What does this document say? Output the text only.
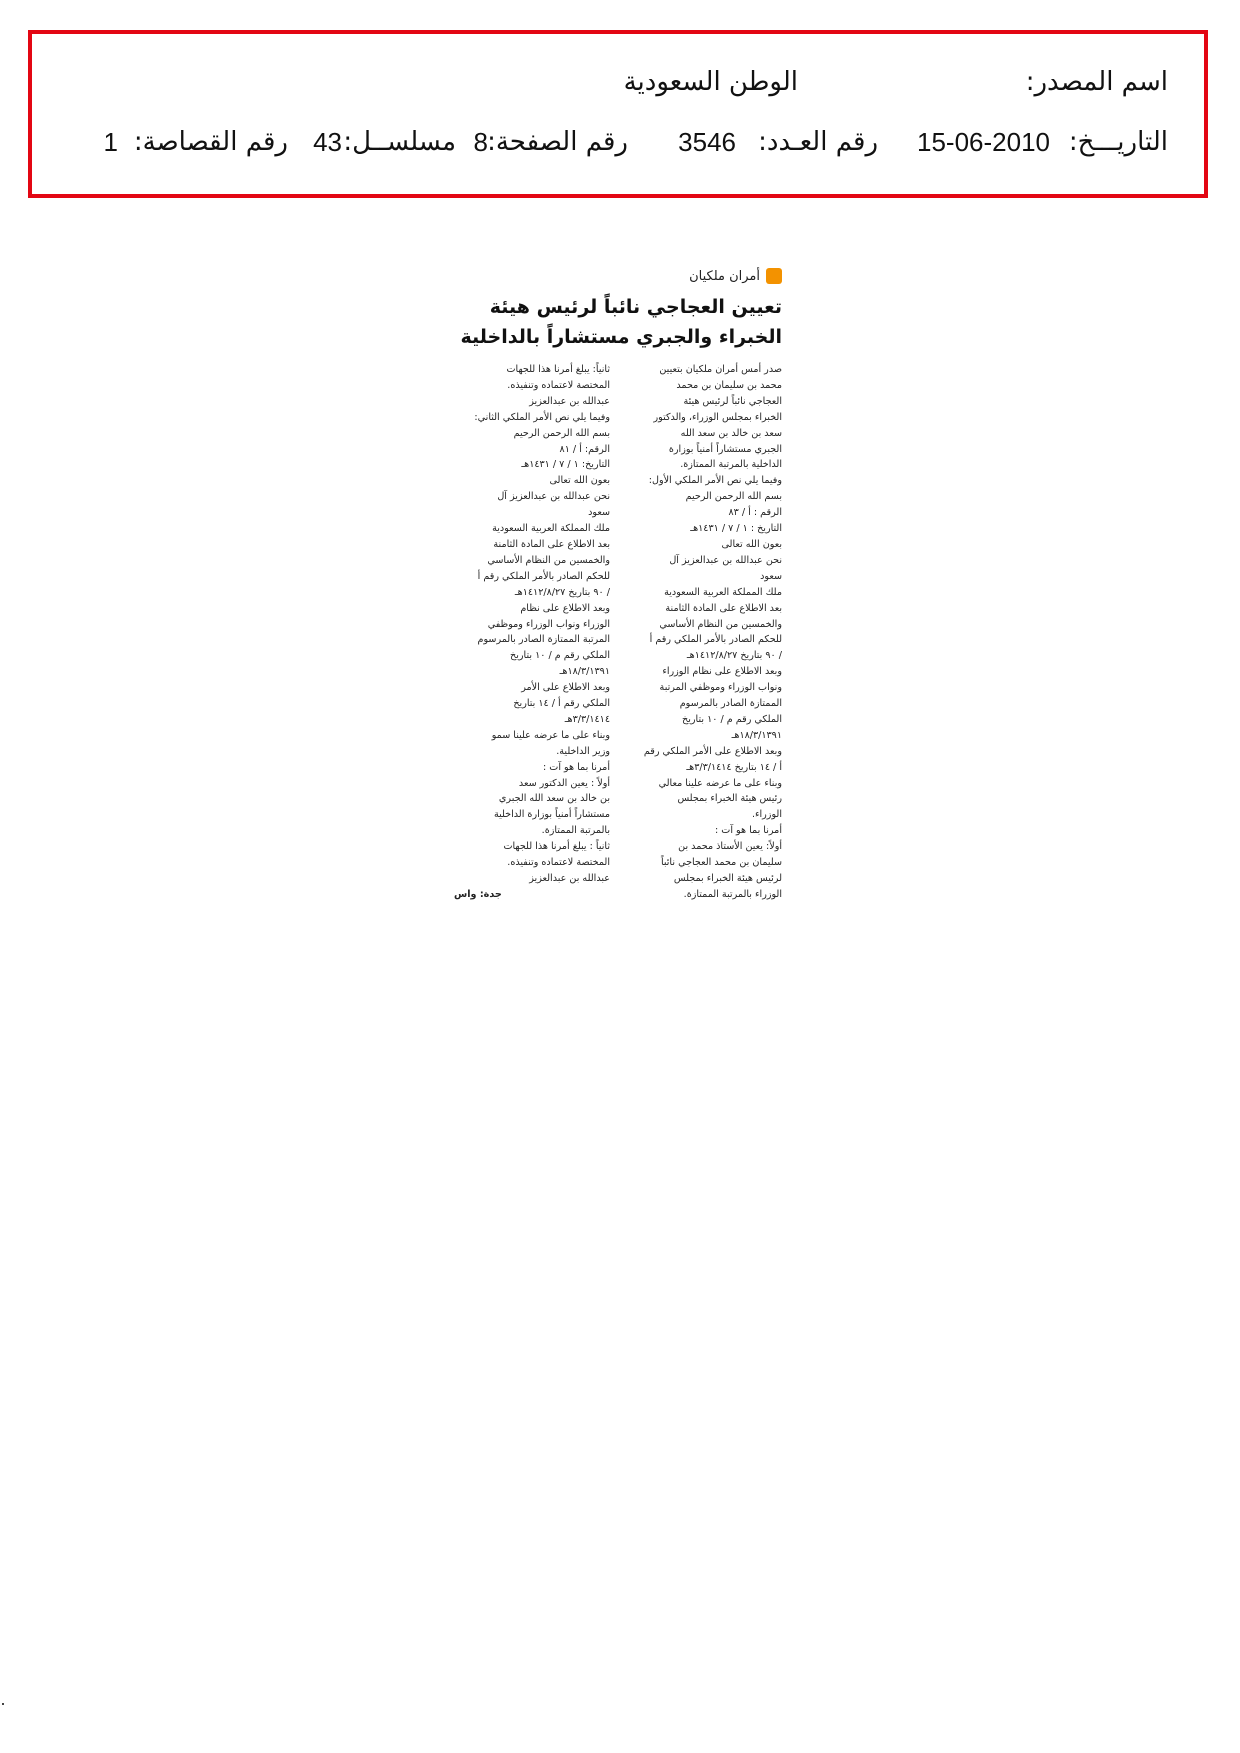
اسم المصدر:
الوطن السعودية
التاريـــخ:
15-06-2010
رقم العـدد:
3546
رقم الصفحة:
8
مسلســل:
43
رقم القصاصة:
1
أمران ملكيان
تعيين العجاجي نائباً لرئيس هيئة
الخبراء والجبري مستشاراً بالداخلية
صدر أمس أمران ملكيان بتعيين
محمد بن سليمان بن محمد
العجاجي نائباً لرئيس هيئة
الخبراء بمجلس الوزراء، والدكتور
سعد بن خالد بن سعد الله
الجبري مستشاراً أمنياً بوزارة
الداخلية بالمرتبة الممتازة.
وفيما يلي نص الأمر الملكي الأول:
بسم الله الرحمن الرحيم
الرقم : أ / ٨٣
التاريخ : ١ / ٧ / ١٤٣١هـ
بعون الله تعالى
نحن عبدالله بن عبدالعزيز آل
سعود
ملك المملكة العربية السعودية
بعد الاطلاع على المادة الثامنة
والخمسين من النظام الأساسي
للحكم الصادر بالأمر الملكي رقم أ
/ ٩٠ بتاريخ ١٤١٢/٨/٢٧هـ
وبعد الاطلاع على نظام الوزراء
ونواب الوزراء وموظفي المرتبة
الممتازة الصادر بالمرسوم
الملكي رقم م / ١٠ بتاريخ
١٨/٣/١٣٩١هـ
وبعد الاطلاع على الأمر الملكي رقم
أ / ١٤ بتاريخ ٣/٣/١٤١٤هـ
وبناء على ما عرضه علينا معالي
رئيس هيئة الخبراء بمجلس
الوزراء.
أمرنا بما هو آت :
أولاً: يعين الأستاذ محمد بن
سليمان بن محمد العجاجي نائباً
لرئيس هيئة الخبراء بمجلس
الوزراء بالمرتبة الممتازة.
ثانياً: يبلغ أمرنا هذا للجهات
المختصة لاعتماده وتنفيذه.
عبدالله بن عبدالعزيز
وفيما يلي نص الأمر الملكي الثاني:
بسم الله الرحمن الرحيم
الرقم: أ / ٨١
التاريخ: ١ / ٧ / ١٤٣١هـ
بعون الله تعالى
نحن عبدالله بن عبدالعزيز آل
سعود
ملك المملكة العربية السعودية
بعد الاطلاع على المادة الثامنة
والخمسين من النظام الأساسي
للحكم الصادر بالأمر الملكي رقم أ
/ ٩٠ بتاريخ ١٤١٢/٨/٢٧هـ
وبعد الاطلاع على نظام
الوزراء ونواب الوزراء وموظفي
المرتبة الممتازة الصادر بالمرسوم
الملكي رقم م / ١٠ بتاريخ
١٨/٣/١٣٩١هـ
وبعد الاطلاع على الأمر
الملكي رقم أ / ١٤ بتاريخ
٣/٣/١٤١٤هـ
وبناء على ما عرضه علينا سمو
وزير الداخلية.
أمرنا بما هو آت :
أولاً : يعين الدكتور سعد
بن خالد بن سعد الله الجبري
مستشاراً أمنياً بوزارة الداخلية
بالمرتبة الممتازة.
ثانياً : يبلغ أمرنا هذا للجهات
المختصة لاعتماده وتنفيذه.
عبدالله بن عبدالعزيز
جدة: واس
